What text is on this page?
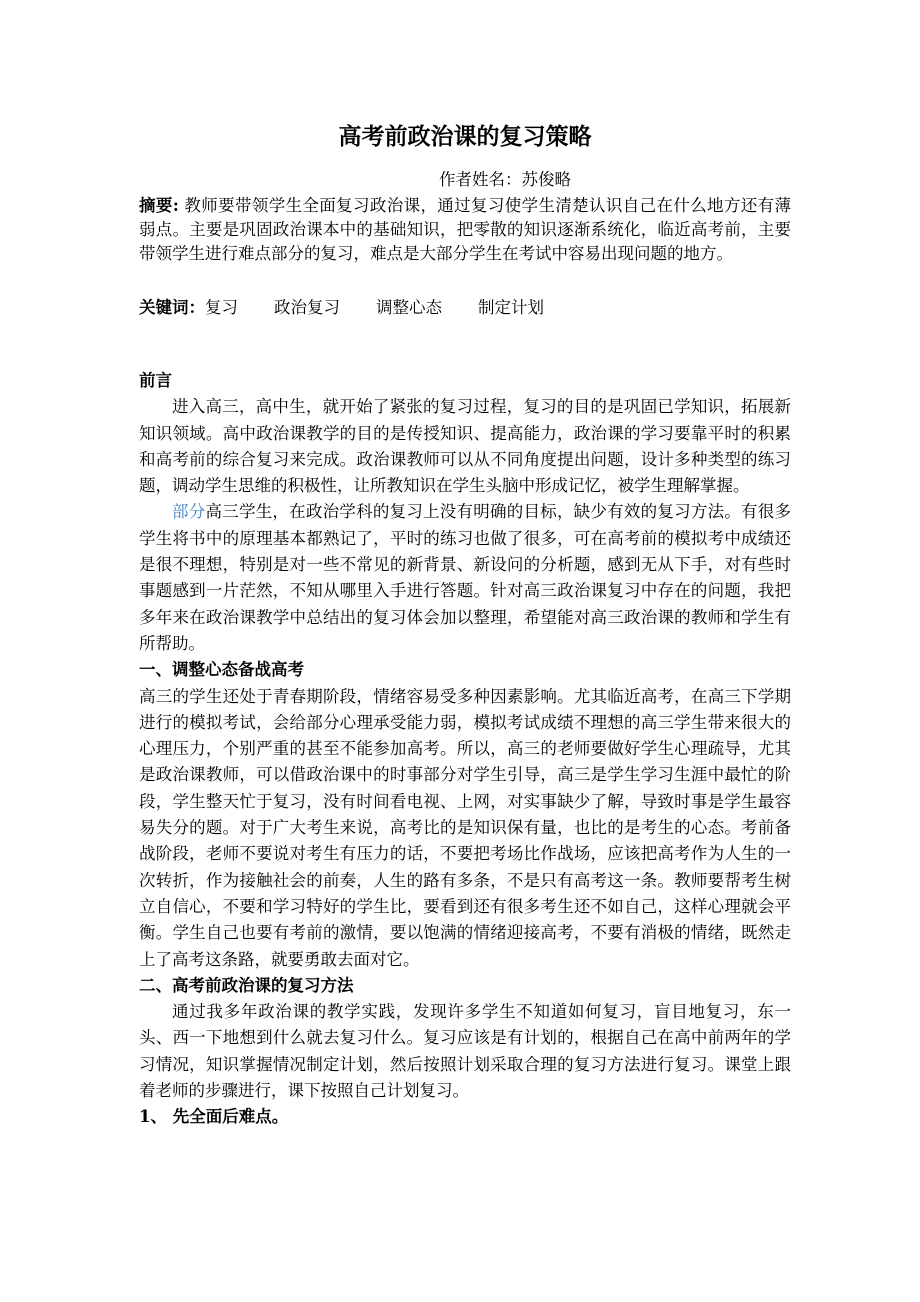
高考前政治课的复习策略
作者姓名：苏俊略

摘要: 教师要带领学生全面复习政治课，通过复习使学生清楚认识自己在什么地方还有薄弱点。主要是巩固政治课本中的基础知识，把零散的知识逐渐系统化，临近高考前，主要带领学生进行难点部分的复习，难点是大部分学生在考试中容易出现问题的地方。

关键词：复习 政治复习 调整心态 制定计划

前言

进入高三，高中生，就开始了紧张的复习过程，复习的目的是巩固已学知识，拓展新知识领域。高中政治课教学的目的是传授知识、提高能力，政治课的学习要靠平时的积累和高考前的综合复习来完成。政治课教师可以从不同角度提出问题，设计多种类型的练习题，调动学生思维的积极性，让所教知识在学生头脑中形成记忆，被学生理解掌握。

部分高三学生，在政治学科的复习上没有明确的目标，缺少有效的复习方法。有很多学生将书中的原理基本都熟记了，平时的练习也做了很多，可在高考前的模拟考中成绩还是很不理想，特别是对一些不常见的新背景、新设问的分析题，感到无从下手，对有些时事题感到一片茫然，不知从哪里入手进行答题。针对高三政治课复习中存在的问题，我把多年来在政治课教学中总结出的复习体会加以整理，希望能对高三政治课的教师和学生有所帮助。

一、调整心态备战高考

高三的学生还处于青春期阶段，情绪容易受多种因素影响。尤其临近高考，在高三下学期进行的模拟考试，会给部分心理承受能力弱，模拟考试成绩不理想的高三学生带来很大的心理压力，个别严重的甚至不能参加高考。所以，高三的老师要做好学生心理疏导，尤其是政治课教师，可以借政治课中的时事部分对学生引导，高三是学生学习生涯中最忙的阶段，学生整天忙于复习，没有时间看电视、上网，对实事缺少了解，导致时事是学生最容易失分的题。对于广大考生来说，高考比的是知识保有量，也比的是考生的心态。考前备战阶段，老师不要说对考生有压力的话，不要把考场比作战场，应该把高考作为人生的一次转折，作为接触社会的前奏，人生的路有多条，不是只有高考这一条。教师要帮考生树立自信心，不要和学习特好的学生比，要看到还有很多考生还不如自己，这样心理就会平衡。学生自己也要有考前的激情，要以饱满的情绪迎接高考，不要有消极的情绪，既然走上了高考这条路，就要勇敢去面对它。

二、高考前政治课的复习方法

通过我多年政治课的教学实践，发现许多学生不知道如何复习，盲目地复习，东一头、西一下地想到什么就去复习什么。复习应该是有计划的，根据自己在高中前两年的学习情况，知识掌握情况制定计划，然后按照计划采取合理的复习方法进行复习。课堂上跟着老师的步骤进行，课下按照自己计划复习。

1、 先全面后难点。
